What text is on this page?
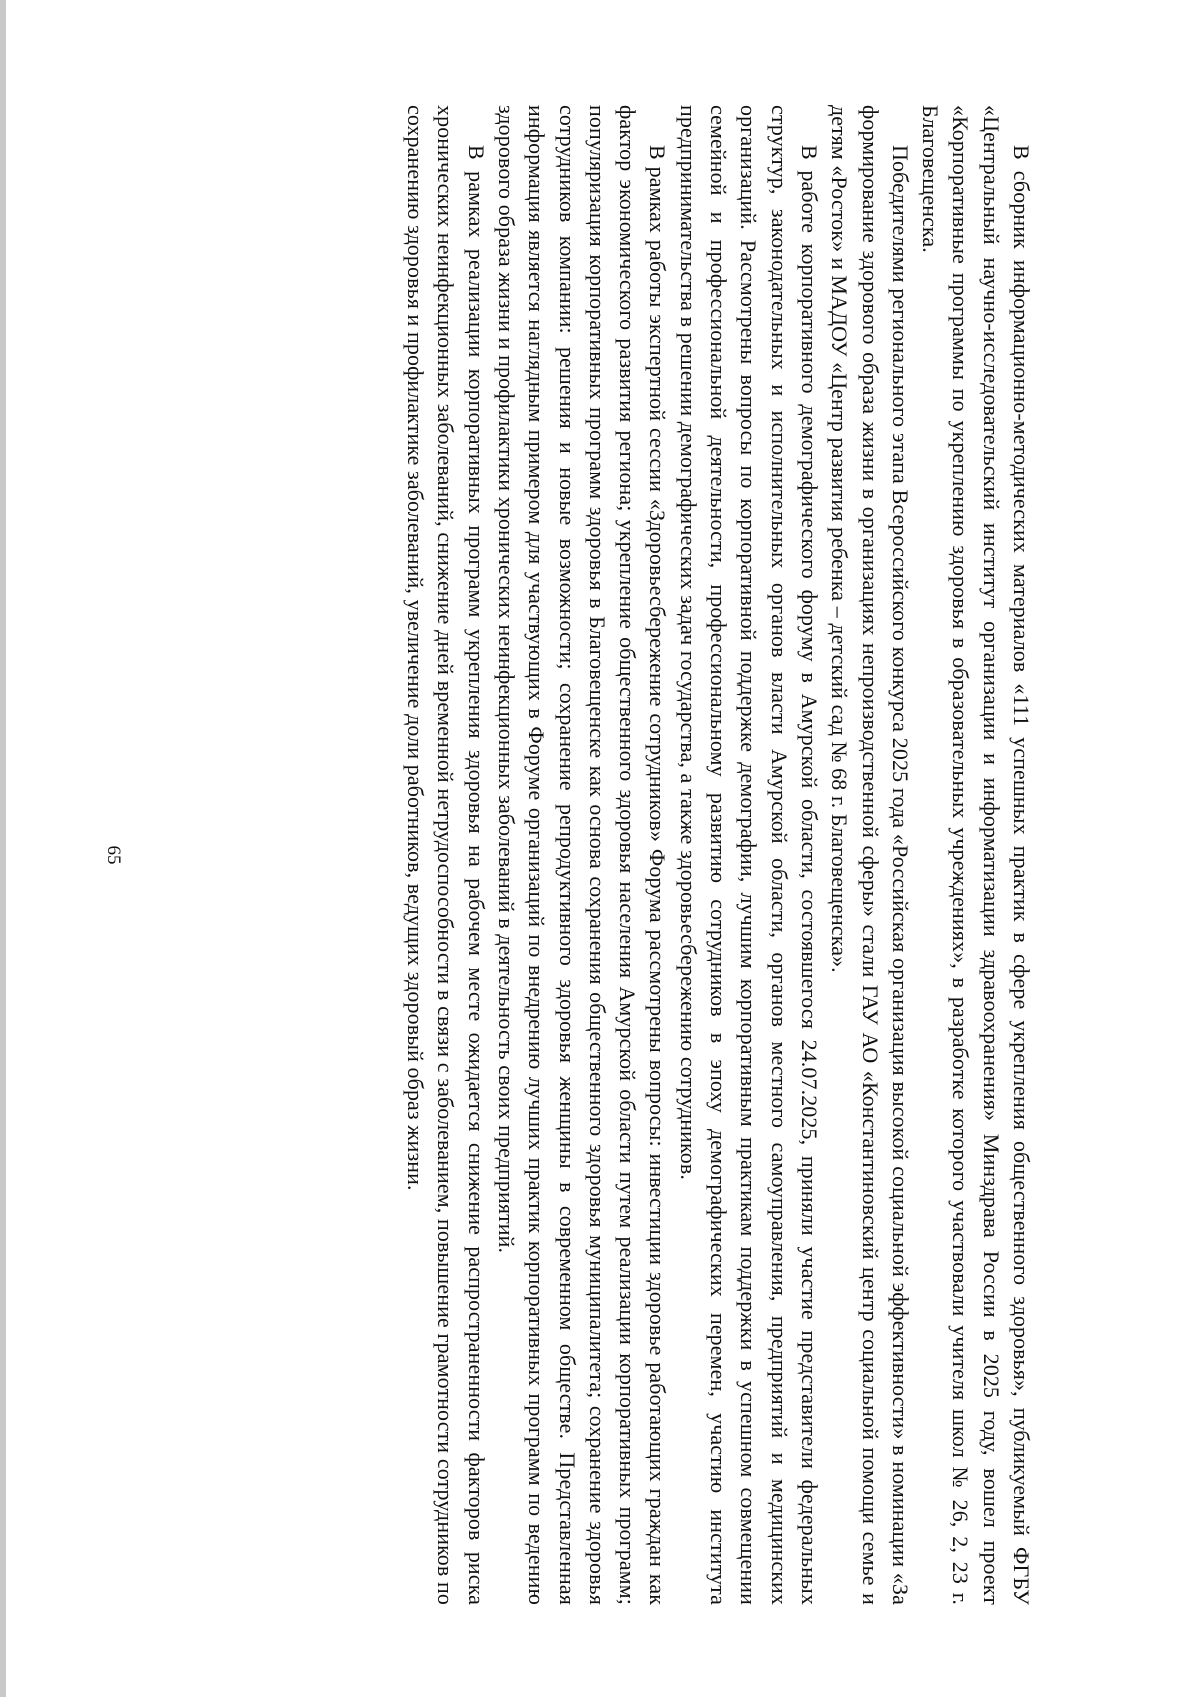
В сборник информационно-методических материалов «111 успешных практик в сфере укрепления общественного здоровья», публикуемый ФГБУ «Центральный научно-исследовательский институт организации и информатизации здравоохранения» Минздрава России в 2025 году, вошел проект «Корпоративные программы по укреплению здоровья в образовательных учреждениях», в разработке которого участвовали учителя школ № 26, 2, 23 г. Благовещенска.

Победителями регионального этапа Всероссийского конкурса 2025 года «Российская организация высокой социальной эффективности» в номинации «За формирование здорового образа жизни в организациях непроизводственной сферы» стали ГАУ АО «Константиновский центр социальной помощи семье и детям «Росток» и МАДОУ «Центр развития ребенка – детский сад № 68 г. Благовещенска».

В работе корпоративного демографического форуму в Амурской области, состоявшегося 24.07.2025, приняли участие представители федеральных структур, законодательных и исполнительных органов власти Амурской области, органов местного самоуправления, предприятий и медицинских организаций. Рассмотрены вопросы по корпоративной поддержке демографии, лучшим корпоративным практикам поддержки в успешном совмещении семейной и профессиональной деятельности, профессиональному развитию сотрудников в эпоху демографических перемен, участию института предпринимательства в решении демографических задач государства, а также здоровьесбережению сотрудников.

В рамках работы экспертной сессии «Здоровьесбережение сотрудников» Форума рассмотрены вопросы: инвестиции здоровье работающих граждан как фактор экономического развития региона; укрепление общественного здоровья населения Амурской области путем реализации корпоративных программ; популяризация корпоративных программ здоровья в Благовещенске как основа сохранения общественного здоровья муниципалитета; сохранение здоровья сотрудников компании: решения и новые возможности; сохранение репродуктивного здоровья женщины в современном обществе. Представленная информация является наглядным примером для участвующих в Форуме организаций по внедрению лучших практик корпоративных программ по ведению здорового образа жизни и профилактики хронических неинфекционных заболеваний в деятельность своих предприятий.

В рамках реализации корпоративных программ укрепления здоровья на рабочем месте ожидается снижение распространенности факторов риска хронических неинфекционных заболеваний, снижение дней временной нетрудоспособности в связи с заболеванием, повышение грамотности сотрудников по сохранению здоровья и профилактике заболеваний, увеличение доли работников, ведущих здоровый образ жизни.

65
